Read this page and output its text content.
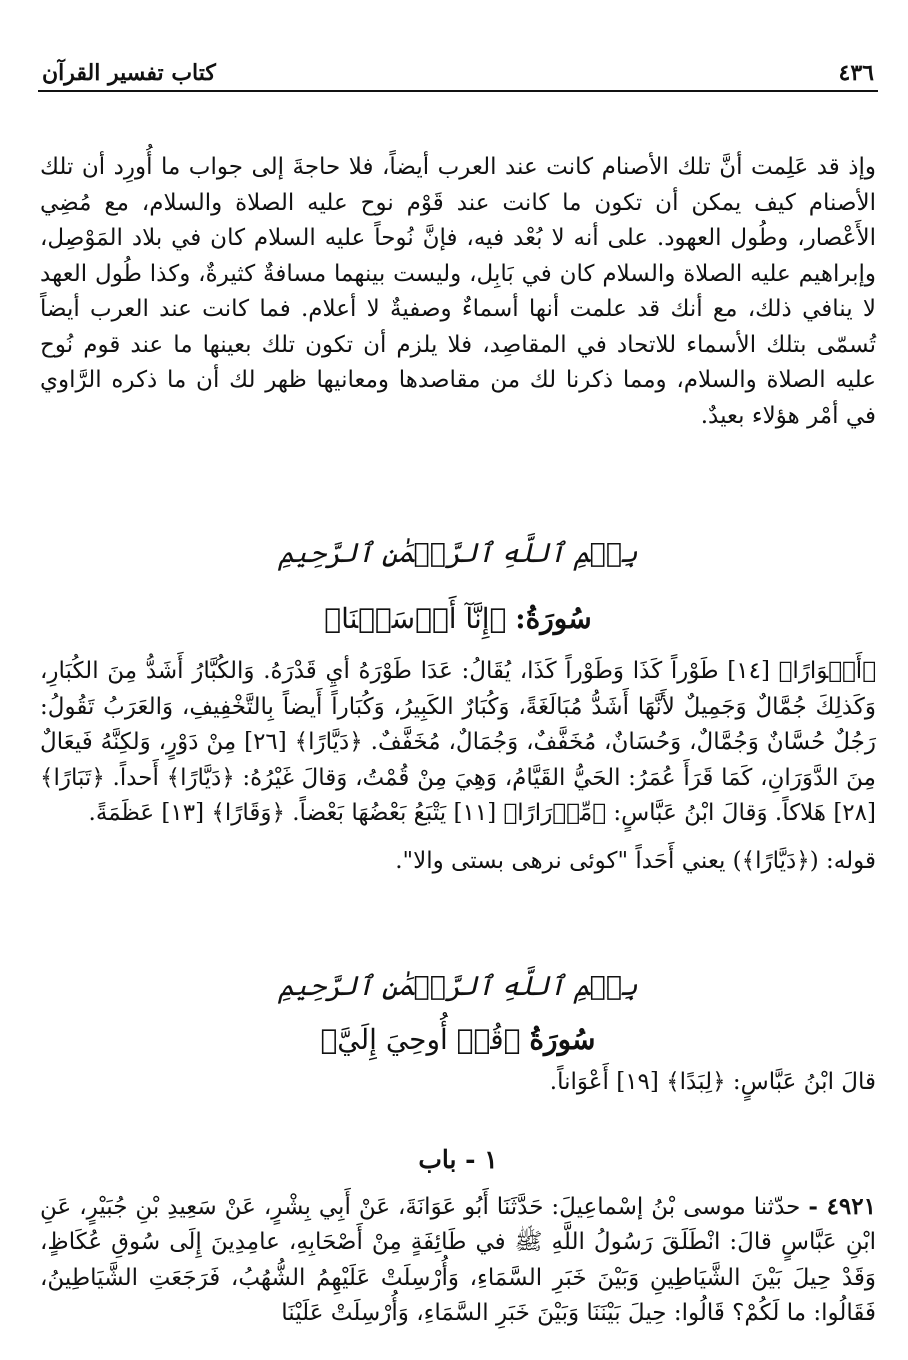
٤٣٦
كتاب تفسير القرآن

وإذ قد عَلِمت أنَّ تلك الأصنام كانت عند العرب أيضاً، فلا حاجةَ إلى جواب ما أُورِد أن تلك الأصنام كيف يمكن أن تكون ما كانت عند قَوْم نوح عليه الصلاة والسلام، مع مُضِي الأَعْصار، وطُول العهود. على أنه لا بُعْد فيه، فإنَّ نُوحاً عليه السلام كان في بلاد المَوْصِل، وإبراهيم عليه الصلاة والسلام كان في بَابِل، وليست بينهما مسافةٌ كثيرةٌ، وكذا طُول العهد لا ينافي ذلك، مع أنك قد علمت أنها أسماءٌ وصفيةٌ لا أعلام. فما كانت عند العرب أيضاً تُسمّى بتلك الأسماء للاتحاد في المقاصِد، فلا يلزم أن تكون تلك بعينها ما عند قوم نُوح عليه الصلاة والسلام، ومما ذكرنا لك من مقاصدها ومعانيها ظهر لك أن ما ذكره الرَّاوي في أمْر هؤلاء بعيدٌ.

بِسۡمِ ٱللَّهِ ٱلرَّحۡمَٰنِ ٱلرَّحِيمِ
سُورَةُ: ﴿إِنَّآ أَرۡسَلۡنَا﴾

﴿أَطۡوَارًا﴾ [١٤] طَوْراً كَذَا وَطَوْراً كَذَا، يُقَالُ: عَدَا طَوْرَهُ أيِ قَدْرَهُ. وَالكُبَّارُ أَشَدُّ مِنَ الكُبَارِ، وَكَذلِكَ جُمَّالٌ وَجَمِيلٌ لأَنَّهَا أَشَدُّ مُبَالَغَةً، وَكُبَارٌ الكَبِيرُ، وَكُبَاراً أَيضاً بِالتَّخْفِيفِ، وَالعَرَبُ تَقُولُ: رَجُلٌ حُسَّانٌ وَجُمَّالٌ، وَحُسَانٌ، مُخَفَّفٌ، وَجُمَالٌ، مُخَفَّفٌ. ﴿دَيَّارًا﴾ [٢٦] مِنْ دَوْرٍ، وَلكِنَّهُ فَيعَالٌ مِنَ الدَّوَرَانِ، كَمَا قَرَأَ عُمَرُ: الحَيُّ القَيَّامُ، وَهِيَ مِنْ قُمْتُ، وَقالَ غَيْرُهُ: ﴿دَيَّارًا﴾ أَحداً. ﴿تَبَارًا﴾ [٢٨] هَلاكاً. وَقالَ ابْنُ عَبَّاسٍ: ﴿مِّدۡرَارًا﴾ [١١] يَتْبَعُ بَعْضُهَا بَعْضاً. ﴿وَقَارًا﴾ [١٣] عَظَمَةً.

قوله: (﴿دَيَّارًا﴾) يعني أَحَداً "كوئى نرهى بستى والا".

بِسۡمِ ٱللَّهِ ٱلرَّحۡمَٰنِ ٱلرَّحِيمِ
سُورَةُ ﴿قُلۡ أُوحِيَ إِلَيَّ﴾

قالَ ابْنُ عَبَّاسٍ: ﴿لِبَدًا﴾ [١٩] أَعْوَاناً.

١ - باب

٤٩٢١ - حدّثنا موسى بْنُ إسْماعِيلَ: حَدَّثَنَا أَبُو عَوَانَةَ، عَنْ أَبِي بِشْرٍ، عَنْ سَعِيدِ بْنِ جُبَيْرٍ، عَنِ ابْنِ عَبَّاسٍ قالَ: انْطَلَقَ رَسُولُ اللَّهِ ﷺ في طَائِفَةٍ مِنْ أَصْحَابِهِ، عامِدِينَ إِلَى سُوقِ عُكَاظٍ، وَقَدْ حِيلَ بَيْنَ الشَّيَاطِينِ وَبَيْنَ خَبَرِ السَّمَاءِ، وَأُرْسِلَتْ عَلَيْهِمُ الشُّهُبُ، فَرَجَعَتِ الشَّيَاطِينُ، فَقَالُوا: ما لَكُمْ؟ قَالُوا: حِيلَ بَيْنَنَا وَبَيْنَ خَبَرِ السَّمَاءِ، وَأُرْسِلَتْ عَلَيْنَا
